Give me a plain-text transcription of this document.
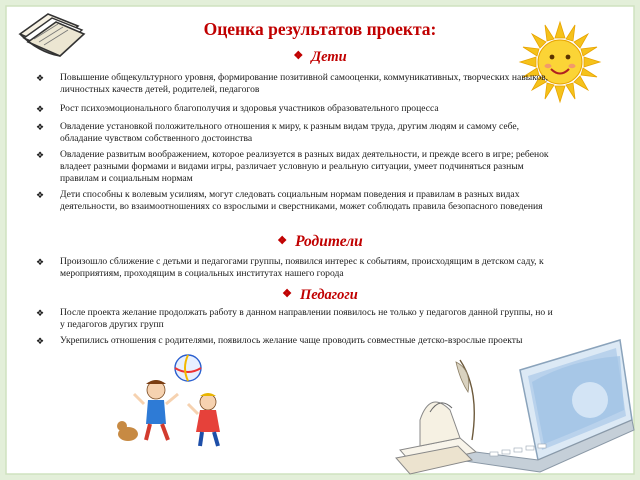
Оценка результатов проекта:
❖ Дети
❖ Повышение общекультурного уровня, формирование позитивной самооценки, коммуникативных, творческих навыков, личностных качеств детей, родителей, педагогов

❖ Рост психоэмоционального благополучия и здоровья участников образовательного процесса

❖ Овладение установкой положительного отношения к миру, к разным видам труда, другим людям и самому себе, обладание чувством собственного достоинства

❖ Овладение развитым воображением, которое реализуется в разных видах деятельности, и прежде всего в игре; ребенок владеет разными формами и видами игры, различает условную и реальную ситуации, умеет подчиняться разным правилам и социальным нормам

❖ Дети способны к волевым усилиям, могут следовать социальным нормам поведения и правилам в разных видах деятельности, во взаимоотношениях со взрослыми и сверстниками, может соблюдать правила безопасного поведения

❖ Родители
❖ Произошло сближение с детьми и педагогами группы, появился интерес к событиям, происходящим в детском саду, к мероприятиям, проходящим в социальных институтах нашего города

❖ Педагоги
❖ После проекта желание продолжать работу в данном направлении появилось не только у педагогов данной группы, но и у педагогов других групп

❖ Укрепились отношения с родителями, появилось желание чаще проводить совместные детско-взрослые проекты
